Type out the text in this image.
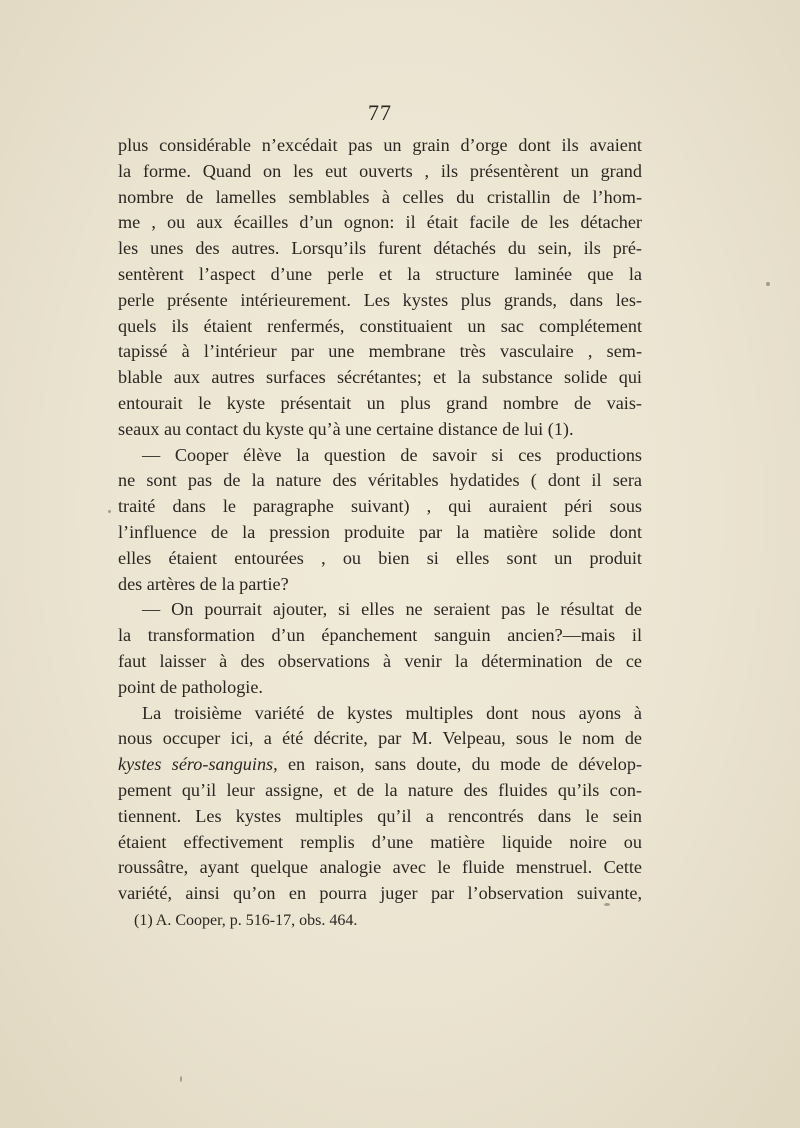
77
plus considérable n’excédait pas un grain d’orge dont ils avaient
la forme. Quand on les eut ouverts , ils présentèrent un grand
nombre de lamelles semblables à celles du cristallin de l’hom-
me , ou aux écailles d’un ognon: il était facile de les détacher
les unes des autres. Lorsqu’ils furent détachés du sein, ils pré-
sentèrent l’aspect d’une perle et la structure laminée que la
perle présente intérieurement. Les kystes plus grands, dans les-
quels ils étaient renfermés, constituaient un sac complétement
tapissé à l’intérieur par une membrane très vasculaire , sem-
blable aux autres surfaces sécrétantes; et la substance solide qui
entourait le kyste présentait un plus grand nombre de vais-
seaux au contact du kyste qu’à une certaine distance de lui (1).
— Cooper élève la question de savoir si ces productions
ne sont pas de la nature des véritables hydatides ( dont il sera
traité dans le paragraphe suivant) , qui auraient péri sous
l’influence de la pression produite par la matière solide dont
elles étaient entourées , ou bien si elles sont un produit
des artères de la partie?
— On pourrait ajouter, si elles ne seraient pas le résultat de
la transformation d’un épanchement sanguin ancien?—mais il
faut laisser à des observations à venir la détermination de ce
point de pathologie.
La troisième variété de kystes multiples dont nous ayons à
nous occuper ici, a été décrite, par M. Velpeau, sous le nom de
kystes séro-sanguins, en raison, sans doute, du mode de dévelop-
pement qu’il leur assigne, et de la nature des fluides qu’ils con-
tiennent. Les kystes multiples qu’il a rencontrés dans le sein
étaient effectivement remplis d’une matière liquide noire ou
roussâtre, ayant quelque analogie avec le fluide menstruel. Cette
variété, ainsi qu’on en pourra juger par l’observation suivante,
(1) A. Cooper, p. 516-17, obs. 464.
